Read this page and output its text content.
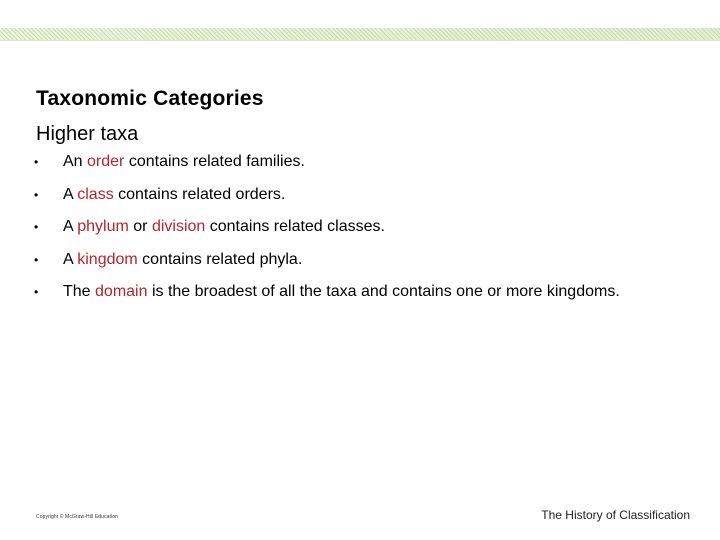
Taxonomic Categories
Higher taxa
• An order contains related families.
• A class contains related orders.
• A phylum or division contains related classes.
• A kingdom contains related phyla.
• The domain is the broadest of all the taxa and contains one or more kingdoms.
Copyright © McGraw-Hill Education	The History of Classification
